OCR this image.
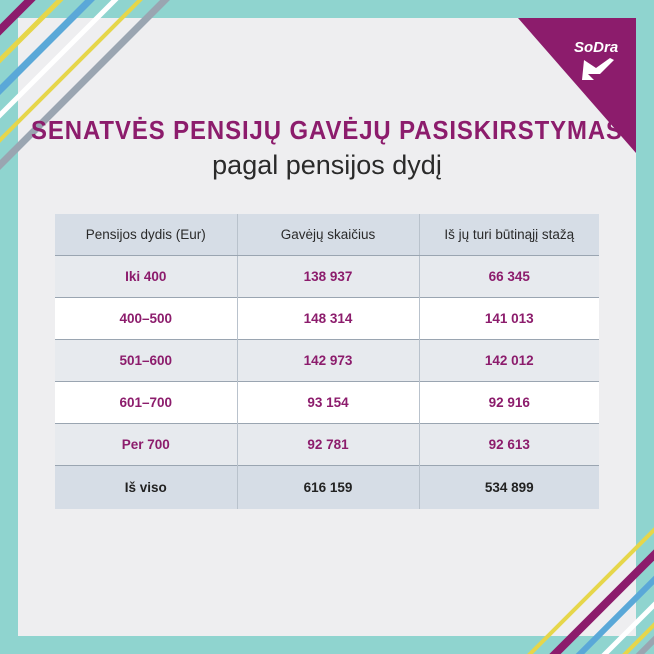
SoDra
SENATVĖS PENSIJŲ GAVĖJŲ PASISKIRSTYMAS
pagal pensijos dydį
Pensijos dydis (Eur)	Gavėjų skaičius	Iš jų turi būtinąjį stažą
Iki 400	138 937	66 345
400–500	148 314	141 013
501–600	142 973	142 012
601–700	93 154	92 916
Per 700	92 781	92 613
Iš viso	616 159	534 899
